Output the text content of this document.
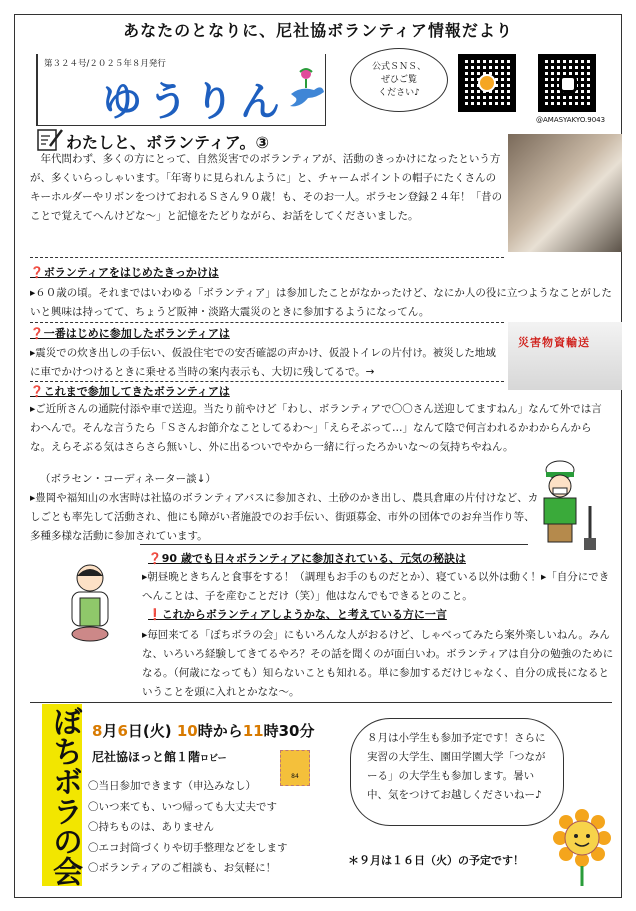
あなたのとなりに、尼社協ボランティア情報だより
第３２４号/２０２５年８月発行
ゆうりん
公式ＳＮＳ、
ぜひご覧
ください♪
@AMASYAKYO.9043
わたしと、ボランティア。③
年代問わず、多くの方にとって、自然災害でのボランティアが、活動のきっかけになったという方が、多くいらっしゃいます。「年寄りに見られんように」と、チャームポイントの帽子にたくさんのキーホルダーやリボンをつけておれるＳさん９０歳！も、そのお一人。ボラセン登録２４年！「昔のことで覚えてへんけどな～」と記憶をたどりながら、お話をしてくださいました。
❓ボランティアをはじめたきっかけは
▸６０歳の頃。それまではいわゆる「ボランティア」は参加したことがなかったけど、なにか人の役に立つようなことがしたいと興味は持ってて、ちょうど阪神・淡路大震災のときに参加するようになってん。
❓一番はじめに参加したボランティアは
▸震災での炊き出しの手伝い、仮設住宅での安否確認の声かけ、仮設トイレの片付け。被災した地域に車でかけつけるときに乗せる当時の案内表示も、大切に残してるで。→
災害物資輸送
❓これまで参加してきたボランティアは
▸ご近所さんの通院付添や車で送迎。当たり前やけど「わし、ボランティアで〇〇さん送迎してますねん」なんて外では言わへんで。そんな言うたら「Ｓさんお節介なことしてるわ～」「えらそぶって…」なんて陰で何言われるかわからんからな。えらそぶる気はさらさら無いし、外に出るついでやから一緒に行ったろかいな～の気持ちやねん。
（ボラセン・コーディネーター談↓）
▸豊岡や福知山の水害時は社協のボランティアバスに参加され、土砂のかき出し、農具倉庫の片付けなど、カしごとも率先して活動され、他にも障がい者施設でのお手伝い、街頭募金、市外の団体でのお弁当作り等、多種多様な活動に参加されています。
❓90 歳でも日々ボランティアに参加されている、元気の秘訣は
▸朝昼晩ときちんと食事をする！（調理もお手のものだとか）、寝ている以外は動く！▸「自分にできへんことは、子を産むことだけ（笑）」他はなんでもできるとのこと。
❗これからボランティアしようかな、と考えている方に一言
▸毎回来てる「ぼちボラの会」にもいろんな人がおるけど、しゃべってみたら案外楽しいねん。みんな、いろいろ経験してきてるやろ？その話を聞くのが面白いわ。ボランティアは自分の勉強のためになる。（何歳になっても）知らないことも知れる。単に参加するだけじゃなく、自分の成長になるということを頭に入れとかなな～。
ぼちボラの会 8月6日(火) 10時から11時30分
尼社協ほっと館１階ロビー
84
〇当日参加できます（申込みなし）
〇いつ来ても、いつ帰っても大丈夫です
〇持ちものは、ありません
〇エコ封筒づくりや切手整理などをします
〇ボランティアのご相談も、お気軽に！
８月は小学生も参加予定です！さらに実習の大学生、園田学園大学「つながーる」の大学生も参加します。暑い中、気をつけてお越しくださいねー♪
＊９月は１６日（火）の予定です！
